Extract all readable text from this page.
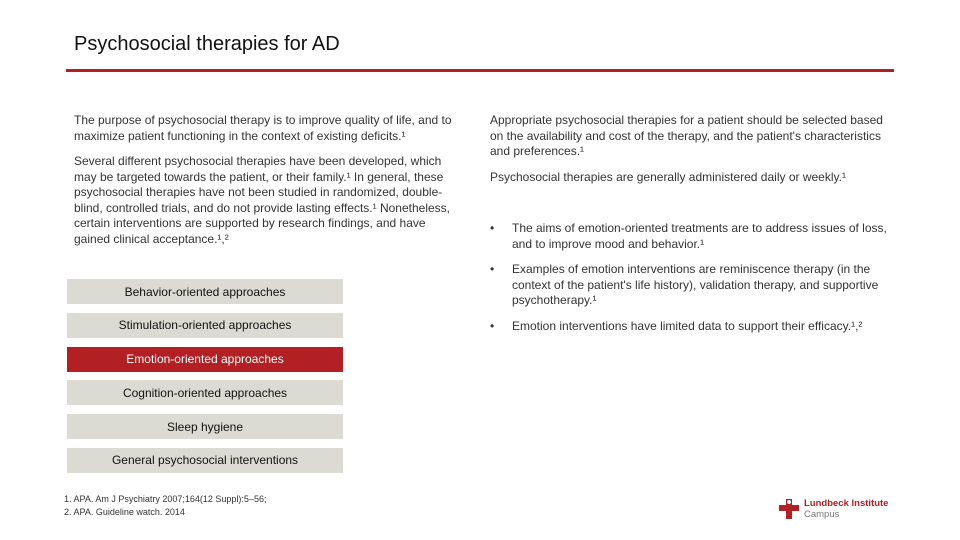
Psychosocial therapies for AD
The purpose of psychosocial therapy is to improve quality of life, and to maximize patient functioning in the context of existing deficits.¹
Several different psychosocial therapies have been developed, which may be targeted towards the patient, or their family.¹ In general, these psychosocial therapies have not been studied in randomized, double-blind, controlled trials, and do not provide lasting effects.¹ Nonetheless, certain interventions are supported by research findings, and have gained clinical acceptance.¹,²
Behavior-oriented approaches
Stimulation-oriented approaches
Emotion-oriented approaches
Cognition-oriented approaches
Sleep hygiene
General psychosocial interventions
Appropriate psychosocial therapies for a patient should be selected based on the availability and cost of the therapy, and the patient's characteristics and preferences.¹
Psychosocial therapies are generally administered daily or weekly.¹
• The aims of emotion-oriented treatments are to address issues of loss, and to improve mood and behavior.¹
• Examples of emotion interventions are reminiscence therapy (in the context of the patient's life history), validation therapy, and supportive psychotherapy.¹
• Emotion interventions have limited data to support their efficacy.¹,²
1. APA. Am J Psychiatry 2007;164(12 Suppl):5–56;
2. APA. Guideline watch. 2014
Lundbeck Institute
Campus
